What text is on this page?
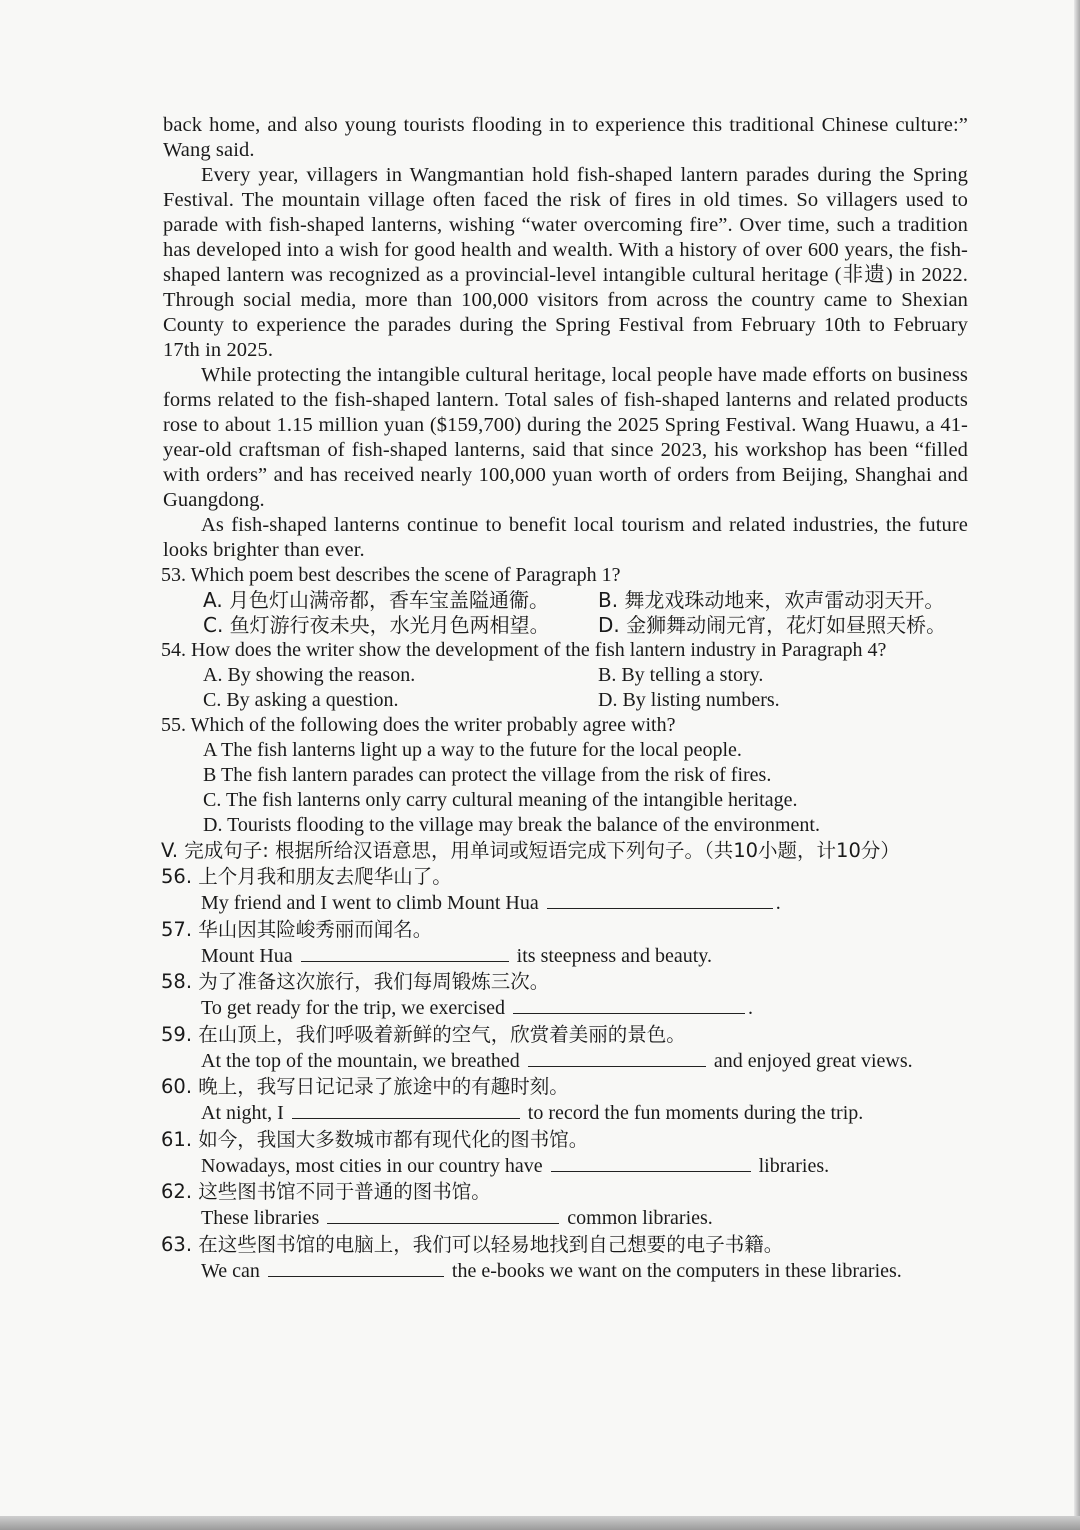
back home, and also young tourists flooding in to experience this traditional Chinese culture:” Wang said.

Every year, villagers in Wangmantian hold fish-shaped lantern parades during the Spring Festival. The mountain village often faced the risk of fires in old times. So villagers used to parade with fish-shaped lanterns, wishing “water overcoming fire”. Over time, such a tradition has developed into a wish for good health and wealth. With a history of over 600 years, the fish-shaped lantern was recognized as a provincial-level intangible cultural heritage (非遗) in 2022. Through social media, more than 100,000 visitors from across the country came to Shexian County to experience the parades during the Spring Festival from February 10th to February 17th in 2025.

While protecting the intangible cultural heritage, local people have made efforts on business forms related to the fish-shaped lantern. Total sales of fish-shaped lanterns and related products rose to about 1.15 million yuan ($159,700) during the 2025 Spring Festival. Wang Huawu, a 41-year-old craftsman of fish-shaped lanterns, said that since 2023, his workshop has been “filled with orders” and has received nearly 100,000 yuan worth of orders from Beijing, Shanghai and Guangdong.

As fish-shaped lanterns continue to benefit local tourism and related industries, the future looks brighter than ever.

53. Which poem best describes the scene of Paragraph 1?

A. 月色灯山满帝都，香车宝盖隘通衞。	B. 舞龙戏珠动地来，欢声雷动羽天开。
C. 鱼灯游行夜未央，水光月色两相望。	D. 金狮舞动闹元宵，花灯如昼照天桥。

54. How does the writer show the development of the fish lantern industry in Paragraph 4?

A. By showing the reason.	B. By telling a story.
C. By asking a question.	D. By listing numbers.

55. Which of the following does the writer probably agree with?

A The fish lanterns light up a way to the future for the local people.
B The fish lantern parades can protect the village from the risk of fires.
C. The fish lanterns only carry cultural meaning of the intangible heritage.
D. Tourists flooding to the village may break the balance of the environment.

V. 完成句子: 根据所给汉语意思，用单词或短语完成下列句子。（共10小题，计10分）

56. 上个月我和朋友去爬华山了。
My friend and I went to climb Mount Hua	.
57. 华山因其险峻秀丽而闻名。
Mount Hua	its steepness and beauty.
58. 为了准备这次旅行，我们每周锻炼三次。
To get ready for the trip, we exercised	.
59. 在山顶上，我们呼吸着新鲜的空气，欣赏着美丽的景色。
At the top of the mountain, we breathed	and enjoyed great views.
60. 晚上，我写日记记录了旅途中的有趣时刻。
At night, I	to record the fun moments during the trip.
61. 如今，我国大多数城市都有现代化的图书馆。
Nowadays, most cities in our country have	libraries.
62. 这些图书馆不同于普通的图书馆。
These libraries	common libraries.
63. 在这些图书馆的电脑上，我们可以轻易地找到自己想要的电子书籍。
We can	the e-books we want on the computers in these libraries.
